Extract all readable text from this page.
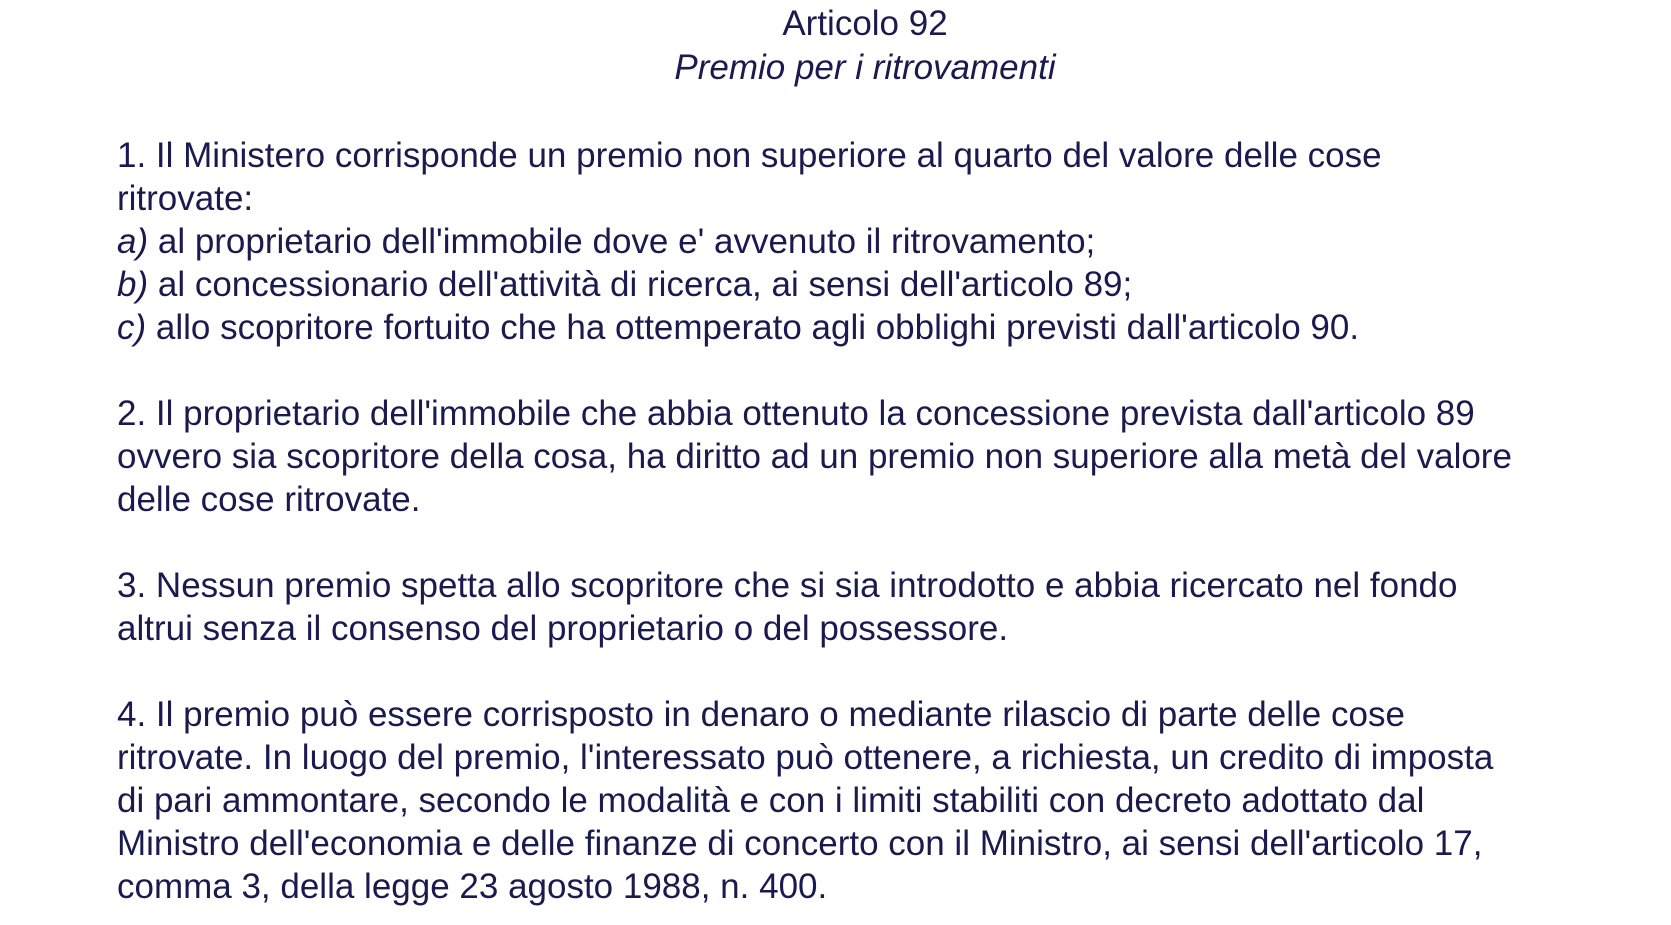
Articolo 92
Premio per i ritrovamenti
1. Il Ministero corrisponde un premio non superiore al quarto del valore delle cose
ritrovate:
a) al proprietario dell'immobile dove e' avvenuto il ritrovamento;
b) al concessionario dell'attività di ricerca, ai sensi dell'articolo 89;
c) allo scopritore fortuito che ha ottemperato agli obblighi previsti dall'articolo 90.
2. Il proprietario dell'immobile che abbia ottenuto la concessione prevista dall'articolo 89
ovvero sia scopritore della cosa, ha diritto ad un premio non superiore alla metà del valore
delle cose ritrovate.
3. Nessun premio spetta allo scopritore che si sia introdotto e abbia ricercato nel fondo
altrui senza il consenso del proprietario o del possessore.
4. Il premio può essere corrisposto in denaro o mediante rilascio di parte delle cose
ritrovate. In luogo del premio, l'interessato può ottenere, a richiesta, un credito di imposta
di pari ammontare, secondo le modalità e con i limiti stabiliti con decreto adottato dal
Ministro dell'economia e delle finanze di concerto con il Ministro, ai sensi dell'articolo 17,
comma 3, della legge 23 agosto 1988, n. 400.
